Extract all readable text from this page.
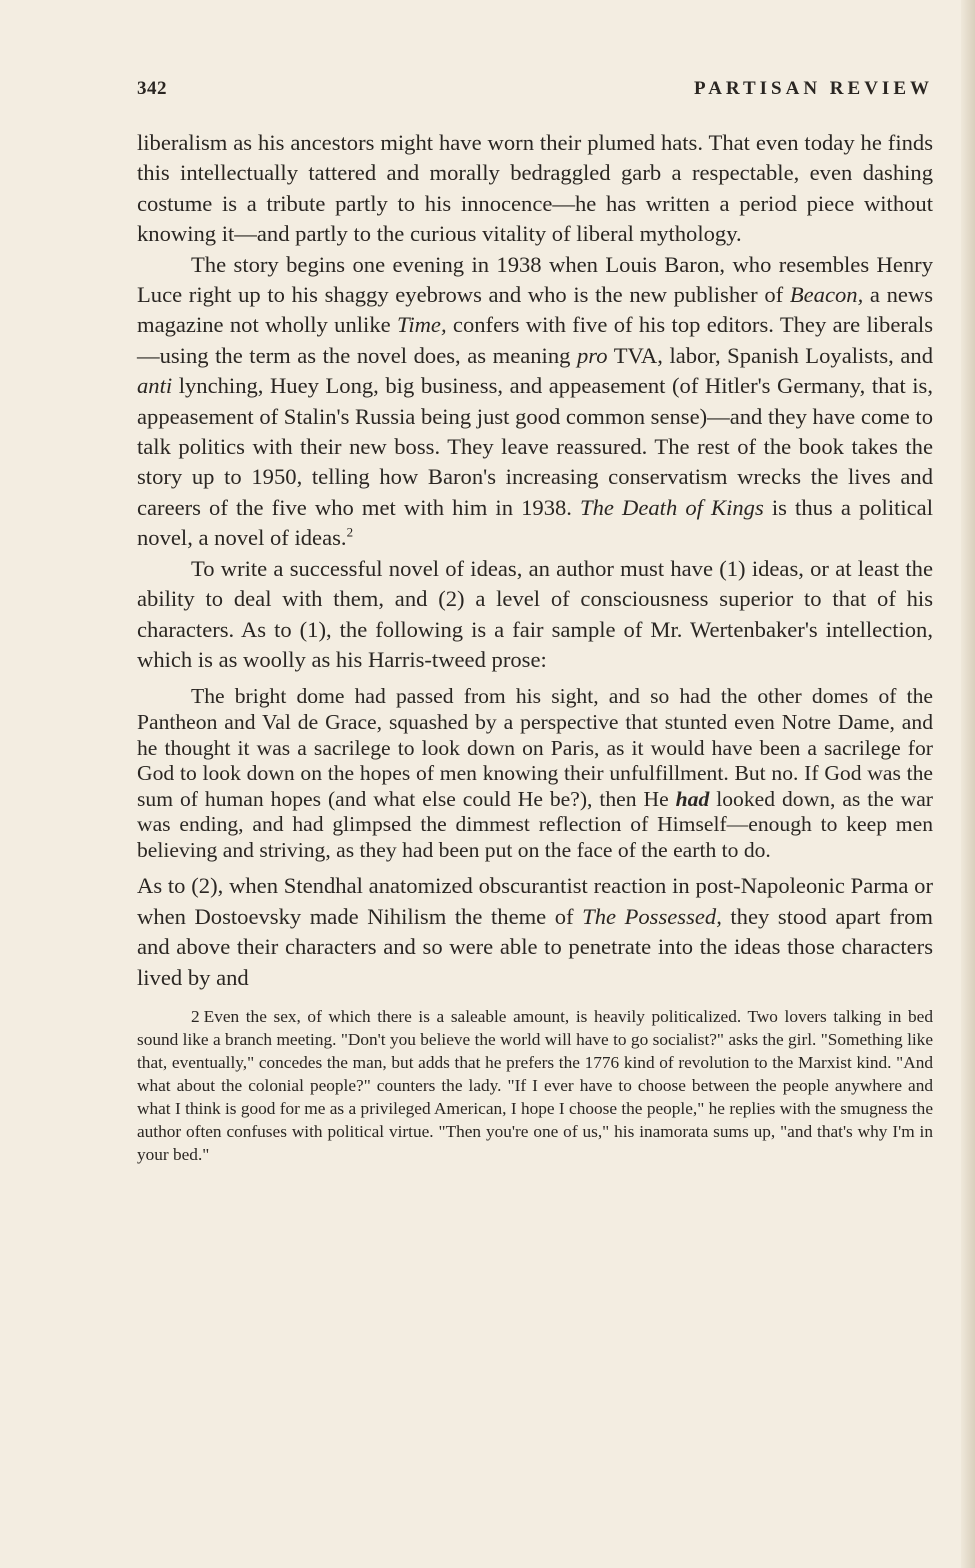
342	PARTISAN REVIEW

liberalism as his ancestors might have worn their plumed hats. That even today he finds this intellectually tattered and morally bedraggled garb a respectable, even dashing costume is a tribute partly to his innocence—he has written a period piece without knowing it—and partly to the curious vitality of liberal mythology.

The story begins one evening in 1938 when Louis Baron, who resembles Henry Luce right up to his shaggy eyebrows and who is the new publisher of Beacon, a news magazine not wholly unlike Time, confers with five of his top editors. They are liberals—using the term as the novel does, as meaning pro TVA, labor, Spanish Loyalists, and anti lynching, Huey Long, big business, and appeasement (of Hitler's Germany, that is, appeasement of Stalin's Russia being just good common sense)—and they have come to talk politics with their new boss. They leave reassured. The rest of the book takes the story up to 1950, telling how Baron's increasing conservatism wrecks the lives and careers of the five who met with him in 1938. The Death of Kings is thus a political novel, a novel of ideas.$^2$

To write a successful novel of ideas, an author must have (1) ideas, or at least the ability to deal with them, and (2) a level of consciousness superior to that of his characters. As to (1), the following is a fair sample of Mr. Wertenbaker's intellection, which is as woolly as his Harris-tweed prose:

The bright dome had passed from his sight, and so had the other domes of the Pantheon and Val de Grace, squashed by a perspective that stunted even Notre Dame, and he thought it was a sacrilege to look down on Paris, as it would have been a sacrilege for God to look down on the hopes of men knowing their unfulfillment. But no. If God was the sum of human hopes (and what else could He be?), then He had looked down, as the war was ending, and had glimpsed the dimmest reflection of Himself—enough to keep men believing and striving, as they had been put on the face of the earth to do.

As to (2), when Stendhal anatomized obscurantist reaction in post-Napoleonic Parma or when Dostoevsky made Nihilism the theme of The Possessed, they stood apart from and above their characters and so were able to penetrate into the ideas those characters lived by and

2 Even the sex, of which there is a saleable amount, is heavily politicalized. Two lovers talking in bed sound like a branch meeting. "Don't you believe the world will have to go socialist?" asks the girl. "Something like that, eventually," concedes the man, but adds that he prefers the 1776 kind of revolution to the Marxist kind. "And what about the colonial people?" counters the lady. "If I ever have to choose between the people anywhere and what I think is good for me as a privileged American, I hope I choose the people," he replies with the smugness the author often confuses with political virtue. "Then you're one of us," his inamorata sums up, "and that's why I'm in your bed."
